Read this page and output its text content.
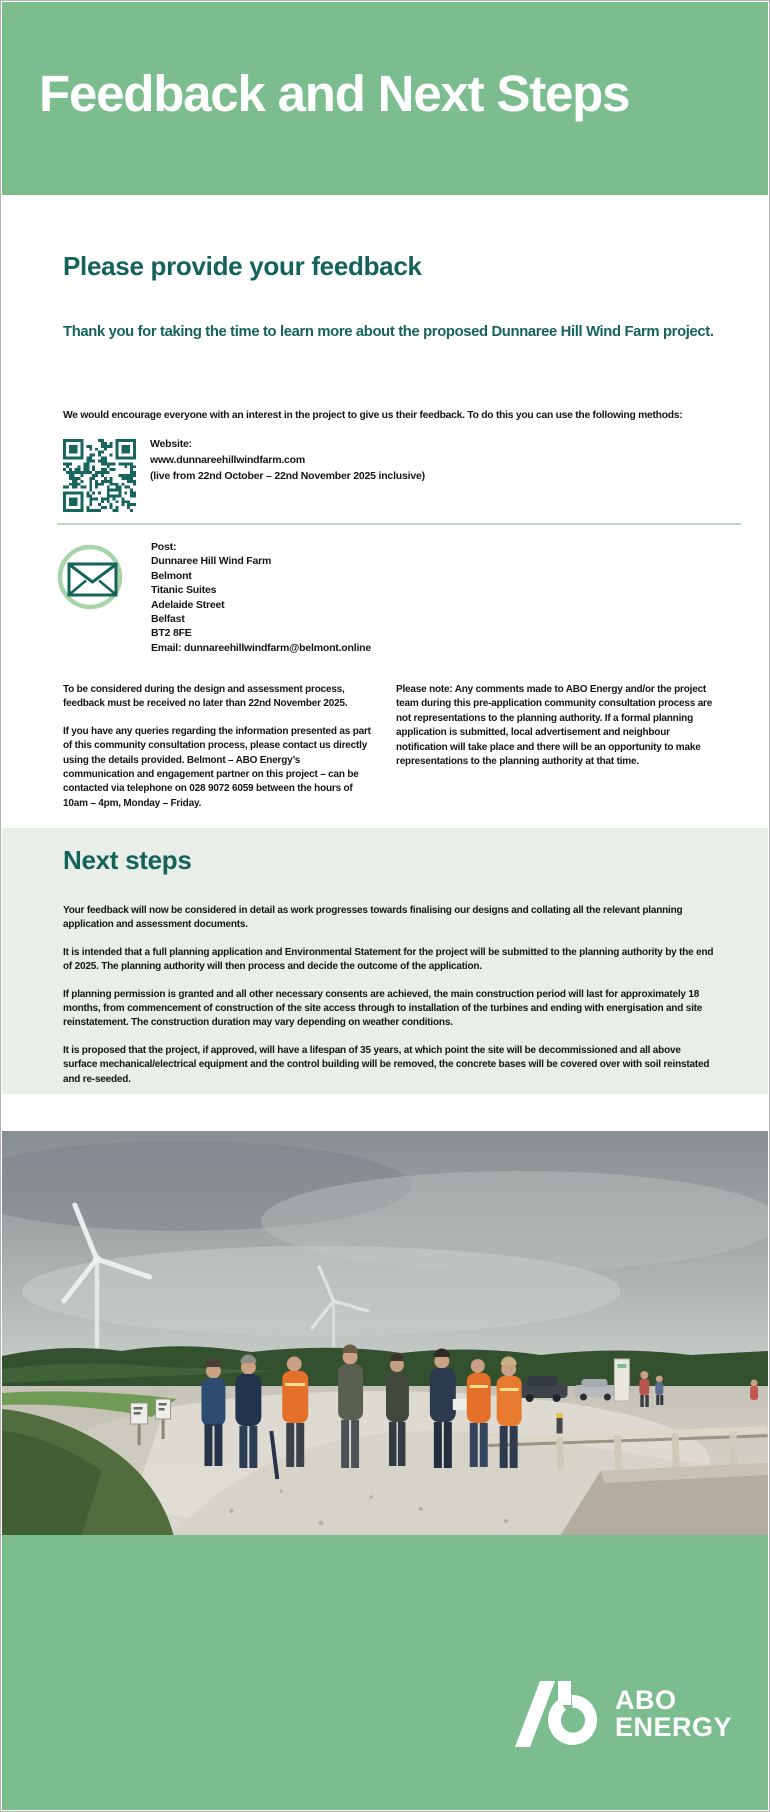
Feedback and Next Steps
Please provide your feedback

Thank you for taking the time to learn more about the proposed Dunnaree Hill Wind Farm project.

We would encourage everyone with an interest in the project to give us their feedback. To do this you can use the following methods:

Website:
www.dunnareehillwindfarm.com
(live from 22nd October – 22nd November 2025 inclusive)

Post:
Dunnaree Hill Wind Farm
Belmont
Titanic Suites
Adelaide Street
Belfast
BT2 8FE
Email: dunnareehillwindfarm@belmont.online

To be considered during the design and assessment process, feedback must be received no later than 22nd November 2025.

If you have any queries regarding the information presented as part of this community consultation process, please contact us directly using the details provided. Belmont – ABO Energy’s communication and engagement partner on this project – can be contacted via telephone on 028 9072 6059 between the hours of 10am – 4pm, Monday – Friday.

Please note: Any comments made to ABO Energy and/or the project team during this pre-application community consultation process are not representations to the planning authority. If a formal planning application is submitted, local advertisement and neighbour notification will take place and there will be an opportunity to make representations to the planning authority at that time.

Next steps

Your feedback will now be considered in detail as work progresses towards finalising our designs and collating all the relevant planning application and assessment documents.

It is intended that a full planning application and Environmental Statement for the project will be submitted to the planning authority by the end of 2025. The planning authority will then process and decide the outcome of the application.

If planning permission is granted and all other necessary consents are achieved, the main construction period will last for approximately 18 months, from commencement of construction of the site access through to installation of the turbines and ending with energisation and site reinstatement. The construction duration may vary depending on weather conditions.

It is proposed that the project, if approved, will have a lifespan of 35 years, at which point the site will be decommissioned and all above surface mechanical/electrical equipment and the control building will be removed, the concrete bases will be covered over with soil reinstated and re-seeded.

ABO
ENERGY
